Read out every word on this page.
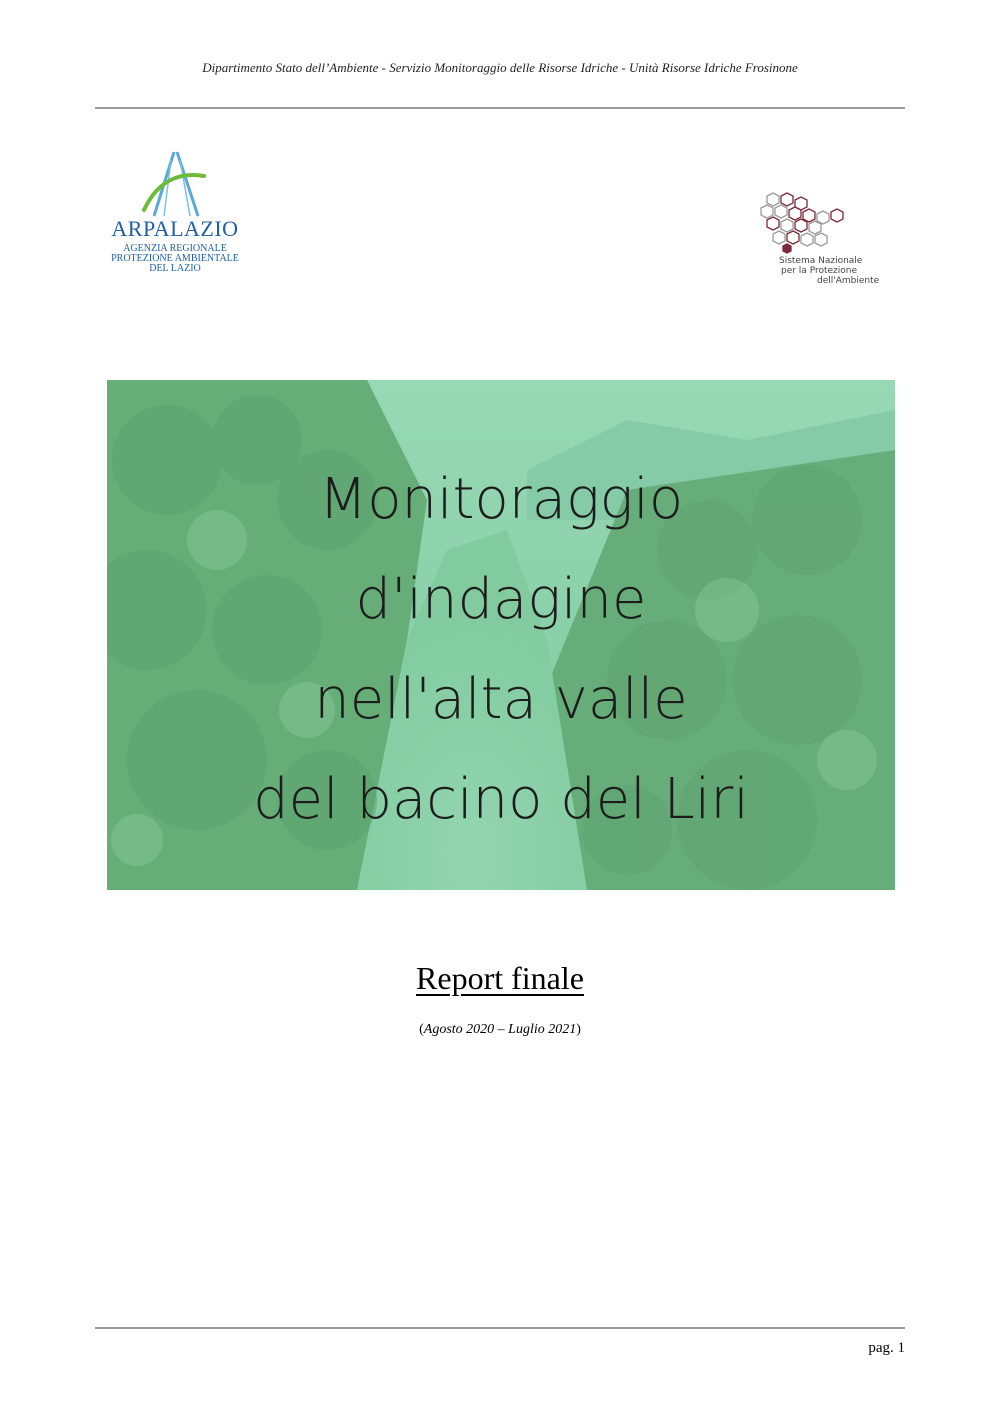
Dipartimento Stato dell’Ambiente - Servizio Monitoraggio delle Risorse Idriche - Unità Risorse Idriche Frosinone
ARPALAZIO
AGENZIA REGIONALE
PROTEZIONE AMBIENTALE
DEL LAZIO
Sistema Nazionale
per la Protezione
dell'Ambiente
Monitoraggio
d'indagine
nell'alta valle
del bacino del Liri
Report finale
(Agosto 2020 – Luglio 2021)
pag. 1
